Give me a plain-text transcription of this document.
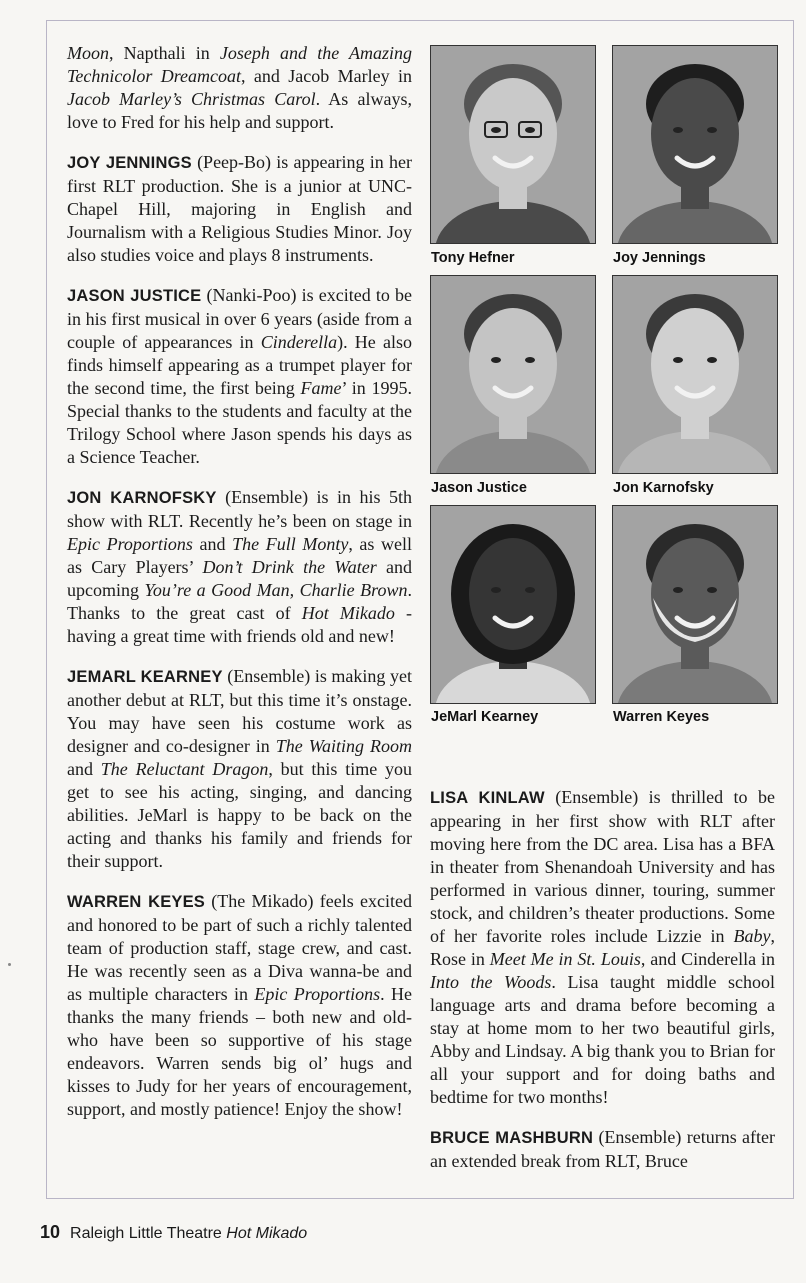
Moon, Napthali in Joseph and the Amazing Technicolor Dreamcoat, and Jacob Marley in Jacob Marley’s Christmas Carol. As always, love to Fred for his help and support.

JOY JENNINGS (Peep-Bo) is appearing in her first RLT production. She is a junior at UNC-Chapel Hill, majoring in English and Journalism with a Religious Studies Minor. Joy also studies voice and plays 8 instruments.

JASON JUSTICE (Nanki-Poo) is excited to be in his first musical in over 6 years (aside from a couple of appearances in Cinderella). He also finds himself appearing as a trumpet player for the second time, the first being Fame’ in 1995. Special thanks to the students and faculty at the Trilogy School where Jason spends his days as a Science Teacher.

JON KARNOFSKY (Ensemble) is in his 5th show with RLT. Recently he’s been on stage in Epic Proportions and The Full Monty, as well as Cary Players’ Don’t Drink the Water and upcoming You’re a Good Man, Charlie Brown. Thanks to the great cast of Hot Mikado - having a great time with friends old and new!

JEMARL KEARNEY (Ensemble) is making yet another debut at RLT, but this time it’s onstage. You may have seen his costume work as designer and co-designer in The Waiting Room and The Reluctant Dragon, but this time you get to see his acting, singing, and dancing abilities. JeMarl is happy to be back on the acting and thanks his family and friends for their support.

WARREN KEYES (The Mikado) feels excited and honored to be part of such a richly talented team of production staff, stage crew, and cast. He was recently seen as a Diva wanna-be and as multiple characters in Epic Proportions. He thanks the many friends – both new and old- who have been so supportive of his stage endeavors. Warren sends big ol’ hugs and kisses to Judy for her years of encouragement, support, and mostly patience! Enjoy the show!

Tony Hefner	Joy Jennings
Jason Justice	Jon Karnofsky
JeMarl Kearney	Warren Keyes

LISA KINLAW (Ensemble) is thrilled to be appearing in her first show with RLT after moving here from the DC area. Lisa has a BFA in theater from Shenandoah University and has performed in various dinner, touring, summer stock, and children’s theater productions. Some of her favorite roles include Lizzie in Baby, Rose in Meet Me in St. Louis, and Cinderella in Into the Woods. Lisa taught middle school language arts and drama before becoming a stay at home mom to her two beautiful girls, Abby and Lindsay. A big thank you to Brian for all your support and for doing baths and bedtime for two months!

BRUCE MASHBURN (Ensemble) returns after an extended break from RLT, Bruce

10 Raleigh Little Theatre Hot Mikado
